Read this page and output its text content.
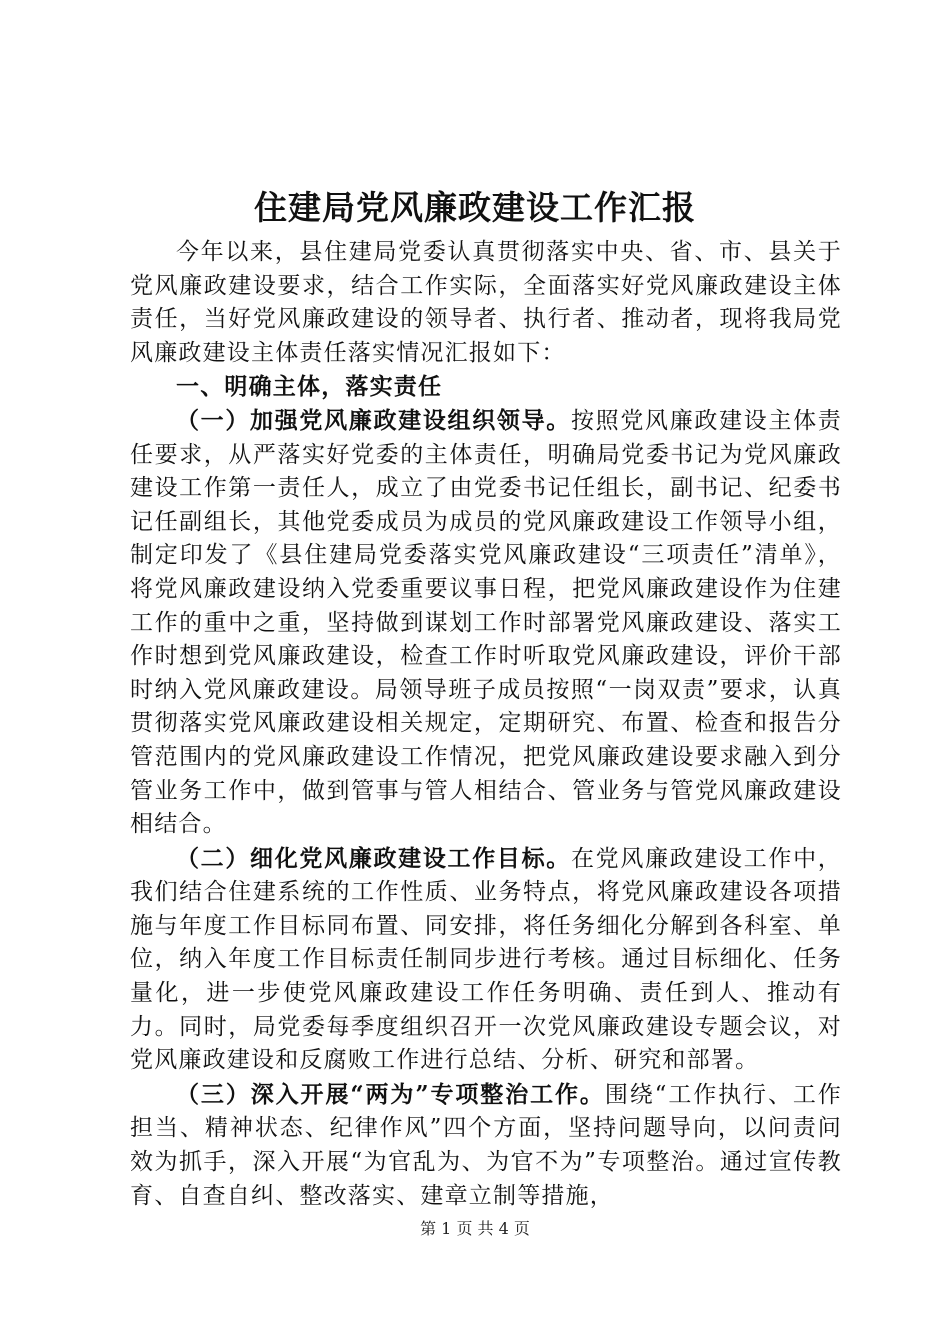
住建局党风廉政建设工作汇报

今年以来，县住建局党委认真贯彻落实中央、省、市、县关于党风廉政建设要求，结合工作实际，全面落实好党风廉政建设主体责任，当好党风廉政建设的领导者、执行者、推动者，现将我局党风廉政建设主体责任落实情况汇报如下：

一、明确主体，落实责任

（一）加强党风廉政建设组织领导。按照党风廉政建设主体责任要求，从严落实好党委的主体责任，明确局党委书记为党风廉政建设工作第一责任人，成立了由党委书记任组长，副书记、纪委书记任副组长，其他党委成员为成员的党风廉政建设工作领导小组，制定印发了《县住建局党委落实党风廉政建设“三项责任”清单》，将党风廉政建设纳入党委重要议事日程，把党风廉政建设作为住建工作的重中之重，坚持做到谋划工作时部署党风廉政建设、落实工作时想到党风廉政建设，检查工作时听取党风廉政建设，评价干部时纳入党风廉政建设。局领导班子成员按照“一岗双责”要求，认真贯彻落实党风廉政建设相关规定，定期研究、布置、检查和报告分管范围内的党风廉政建设工作情况，把党风廉政建设要求融入到分管业务工作中，做到管事与管人相结合、管业务与管党风廉政建设相结合。

（二）细化党风廉政建设工作目标。在党风廉政建设工作中，我们结合住建系统的工作性质、业务特点，将党风廉政建设各项措施与年度工作目标同布置、同安排，将任务细化分解到各科室、单位，纳入年度工作目标责任制同步进行考核。通过目标细化、任务量化，进一步使党风廉政建设工作任务明确、责任到人、推动有力。同时，局党委每季度组织召开一次党风廉政建设专题会议，对党风廉政建设和反腐败工作进行总结、分析、研究和部署。

（三）深入开展“两为”专项整治工作。围绕“工作执行、工作担当、精神状态、纪律作风”四个方面，坚持问题导向，以问责问效为抓手，深入开展“为官乱为、为官不为”专项整治。通过宣传教育、自查自纠、整改落实、建章立制等措施，

第 1 页 共 4 页
